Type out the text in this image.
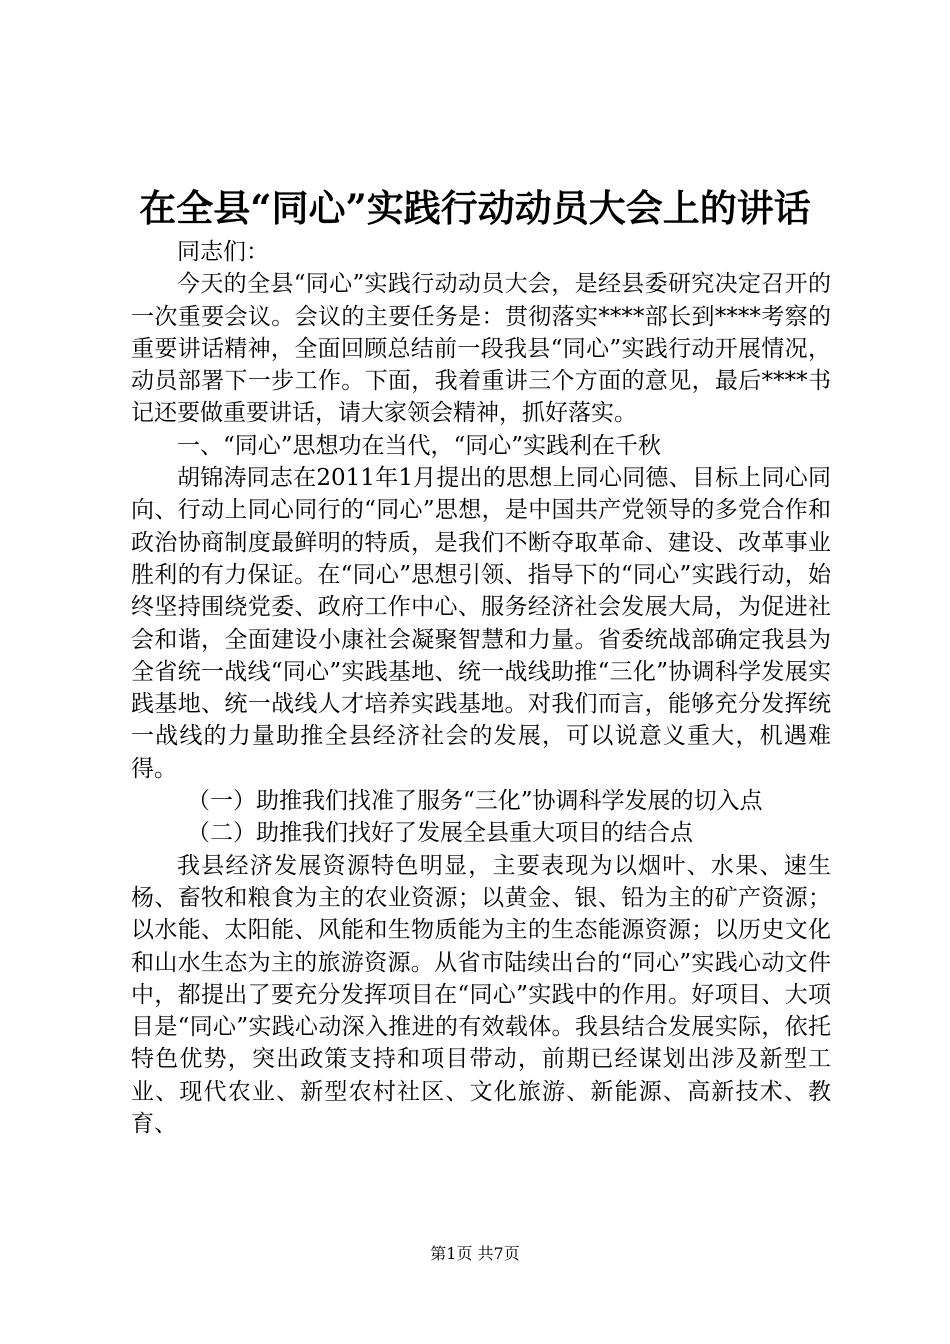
在全县“同心”实践行动动员大会上的讲话

同志们：

今天的全县“同心”实践行动动员大会，是经县委研究决定召开的一次重要会议。会议的主要任务是：贯彻落实****部长到****考察的重要讲话精神，全面回顾总结前一段我县“同心”实践行动开展情况，动员部署下一步工作。下面，我着重讲三个方面的意见，最后****书记还要做重要讲话，请大家领会精神，抓好落实。

一、“同心”思想功在当代，“同心”实践利在千秋

胡锦涛同志在2011年1月提出的思想上同心同德、目标上同心同向、行动上同心同行的“同心”思想，是中国共产党领导的多党合作和政治协商制度最鲜明的特质，是我们不断夺取革命、建设、改革事业胜利的有力保证。在“同心”思想引领、指导下的“同心”实践行动，始终坚持围绕党委、政府工作中心、服务经济社会发展大局，为促进社会和谐，全面建设小康社会凝聚智慧和力量。省委统战部确定我县为全省统一战线“同心”实践基地、统一战线助推“三化”协调科学发展实践基地、统一战线人才培养实践基地。对我们而言，能够充分发挥统一战线的力量助推全县经济社会的发展，可以说意义重大，机遇难得。

（一）助推我们找准了服务“三化”协调科学发展的切入点

（二）助推我们找好了发展全县重大项目的结合点

我县经济发展资源特色明显，主要表现为以烟叶、水果、速生杨、畜牧和粮食为主的农业资源；以黄金、银、铅为主的矿产资源；以水能、太阳能、风能和生物质能为主的生态能源资源；以历史文化和山水生态为主的旅游资源。从省市陆续出台的“同心”实践心动文件中，都提出了要充分发挥项目在“同心”实践中的作用。好项目、大项目是“同心”实践心动深入推进的有效载体。我县结合发展实际，依托特色优势，突出政策支持和项目带动，前期已经谋划出涉及新型工业、现代农业、新型农村社区、文化旅游、新能源、高新技术、教育、

第1页 共7页
